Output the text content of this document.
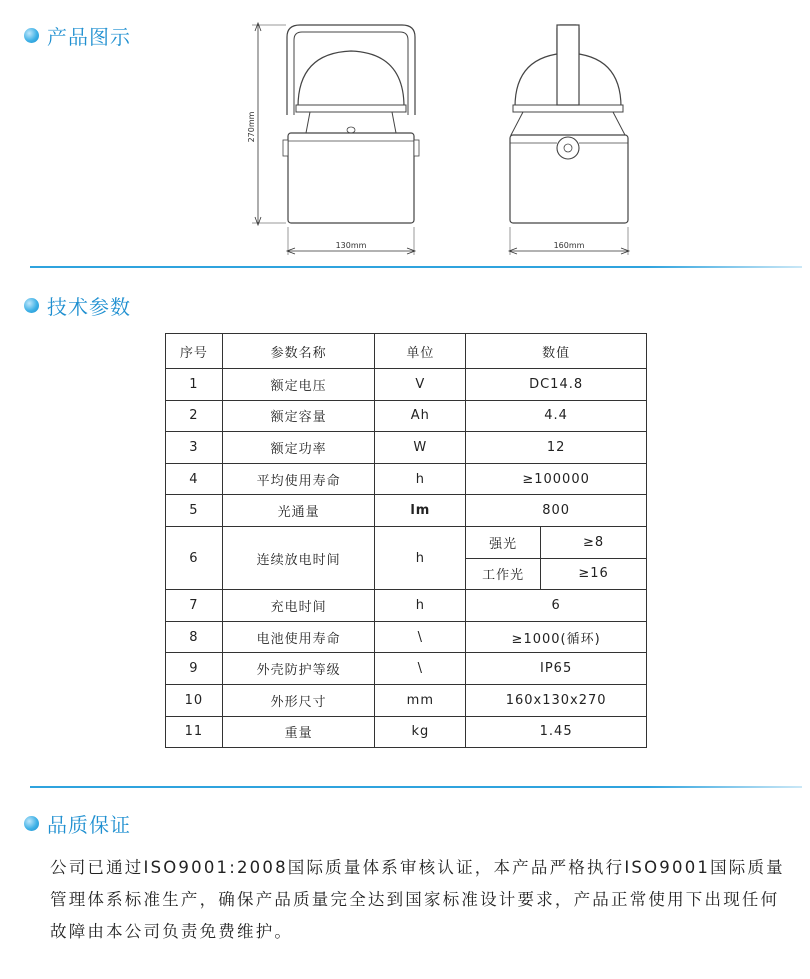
产品图示
270mm
130mm	160mm
技术参数
序号	参数名称	单位	数值	
1	额定电压	V	DC14.8	
2	额定容量	Ah	4.4	
3	额定功率	W	12	
4	平均使用寿命	h	≥100000	
5	光通量	lm	800	
6	连续放电时间	h	强光	≥8
			工作光	≥16
7	充电时间	h	6	
8	电池使用寿命	\	≥1000(循环)	
9	外壳防护等级	\	IP65	
10	外形尺寸	mm	160x130x270	
11	重量	kg	1.45	
品质保证
公司已通过ISO9001:2008国际质量体系审核认证，本产品严格执行ISO9001国际质量管理体系标准生产，确保产品质量完全达到国家标准设计要求，产品正常使用下出现任何故障由本公司负责免费维护。
